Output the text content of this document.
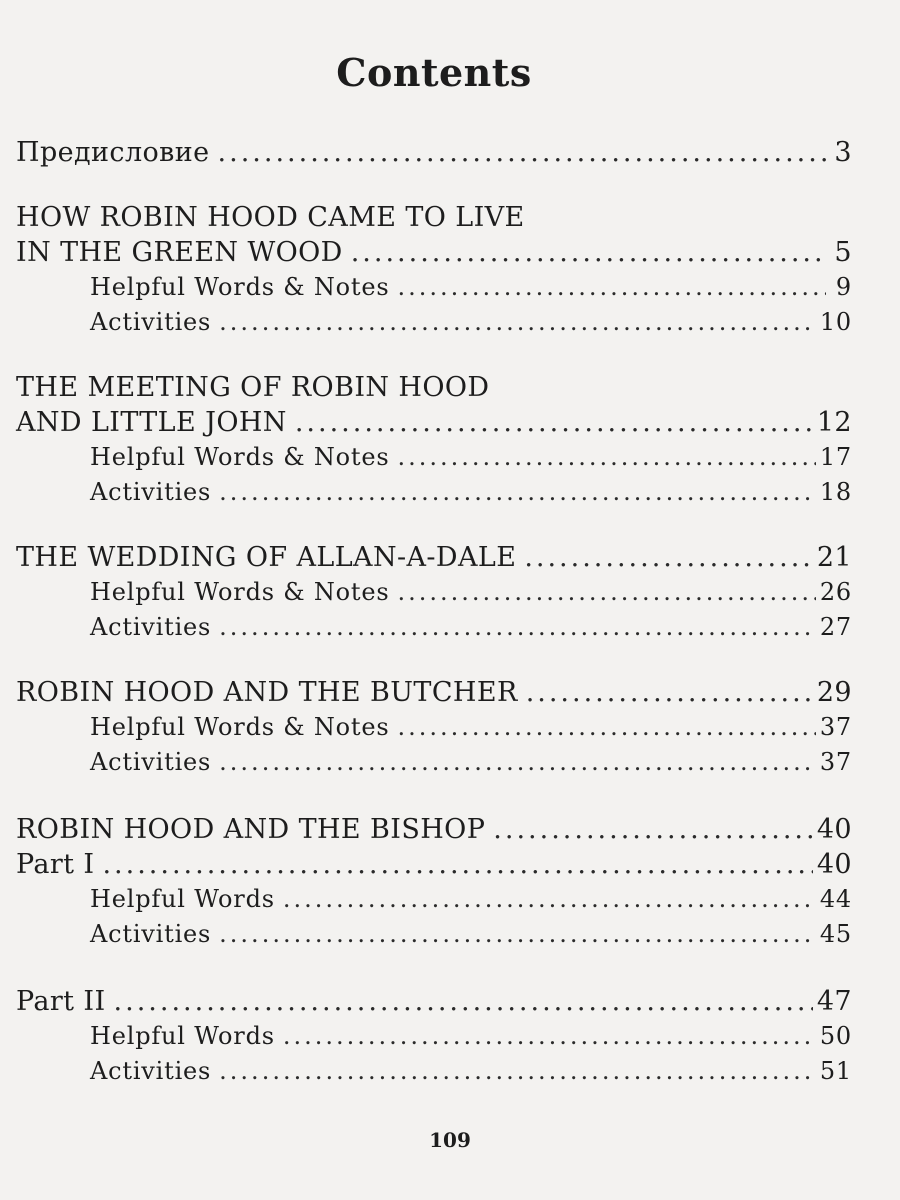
Contents
Предисловие .....	3
HOW ROBIN HOOD CAME TO LIVE
IN THE GREEN WOOD .....	5
Helpful Words & Notes .....	9
Activities .....	10
THE MEETING OF ROBIN HOOD
AND LITTLE JOHN .....	12
Helpful Words & Notes .....	17
Activities .....	18
THE WEDDING OF ALLAN-A-DALE .....	21
Helpful Words & Notes .....	26
Activities .....	27
ROBIN HOOD AND THE BUTCHER .....	29
Helpful Words & Notes .....	37
Activities .....	37
ROBIN HOOD AND THE BISHOP .....	40
Part I .....	40
Helpful Words .....	44
Activities .....	45
Part II .....	47
Helpful Words .....	50
Activities .....	51
109
